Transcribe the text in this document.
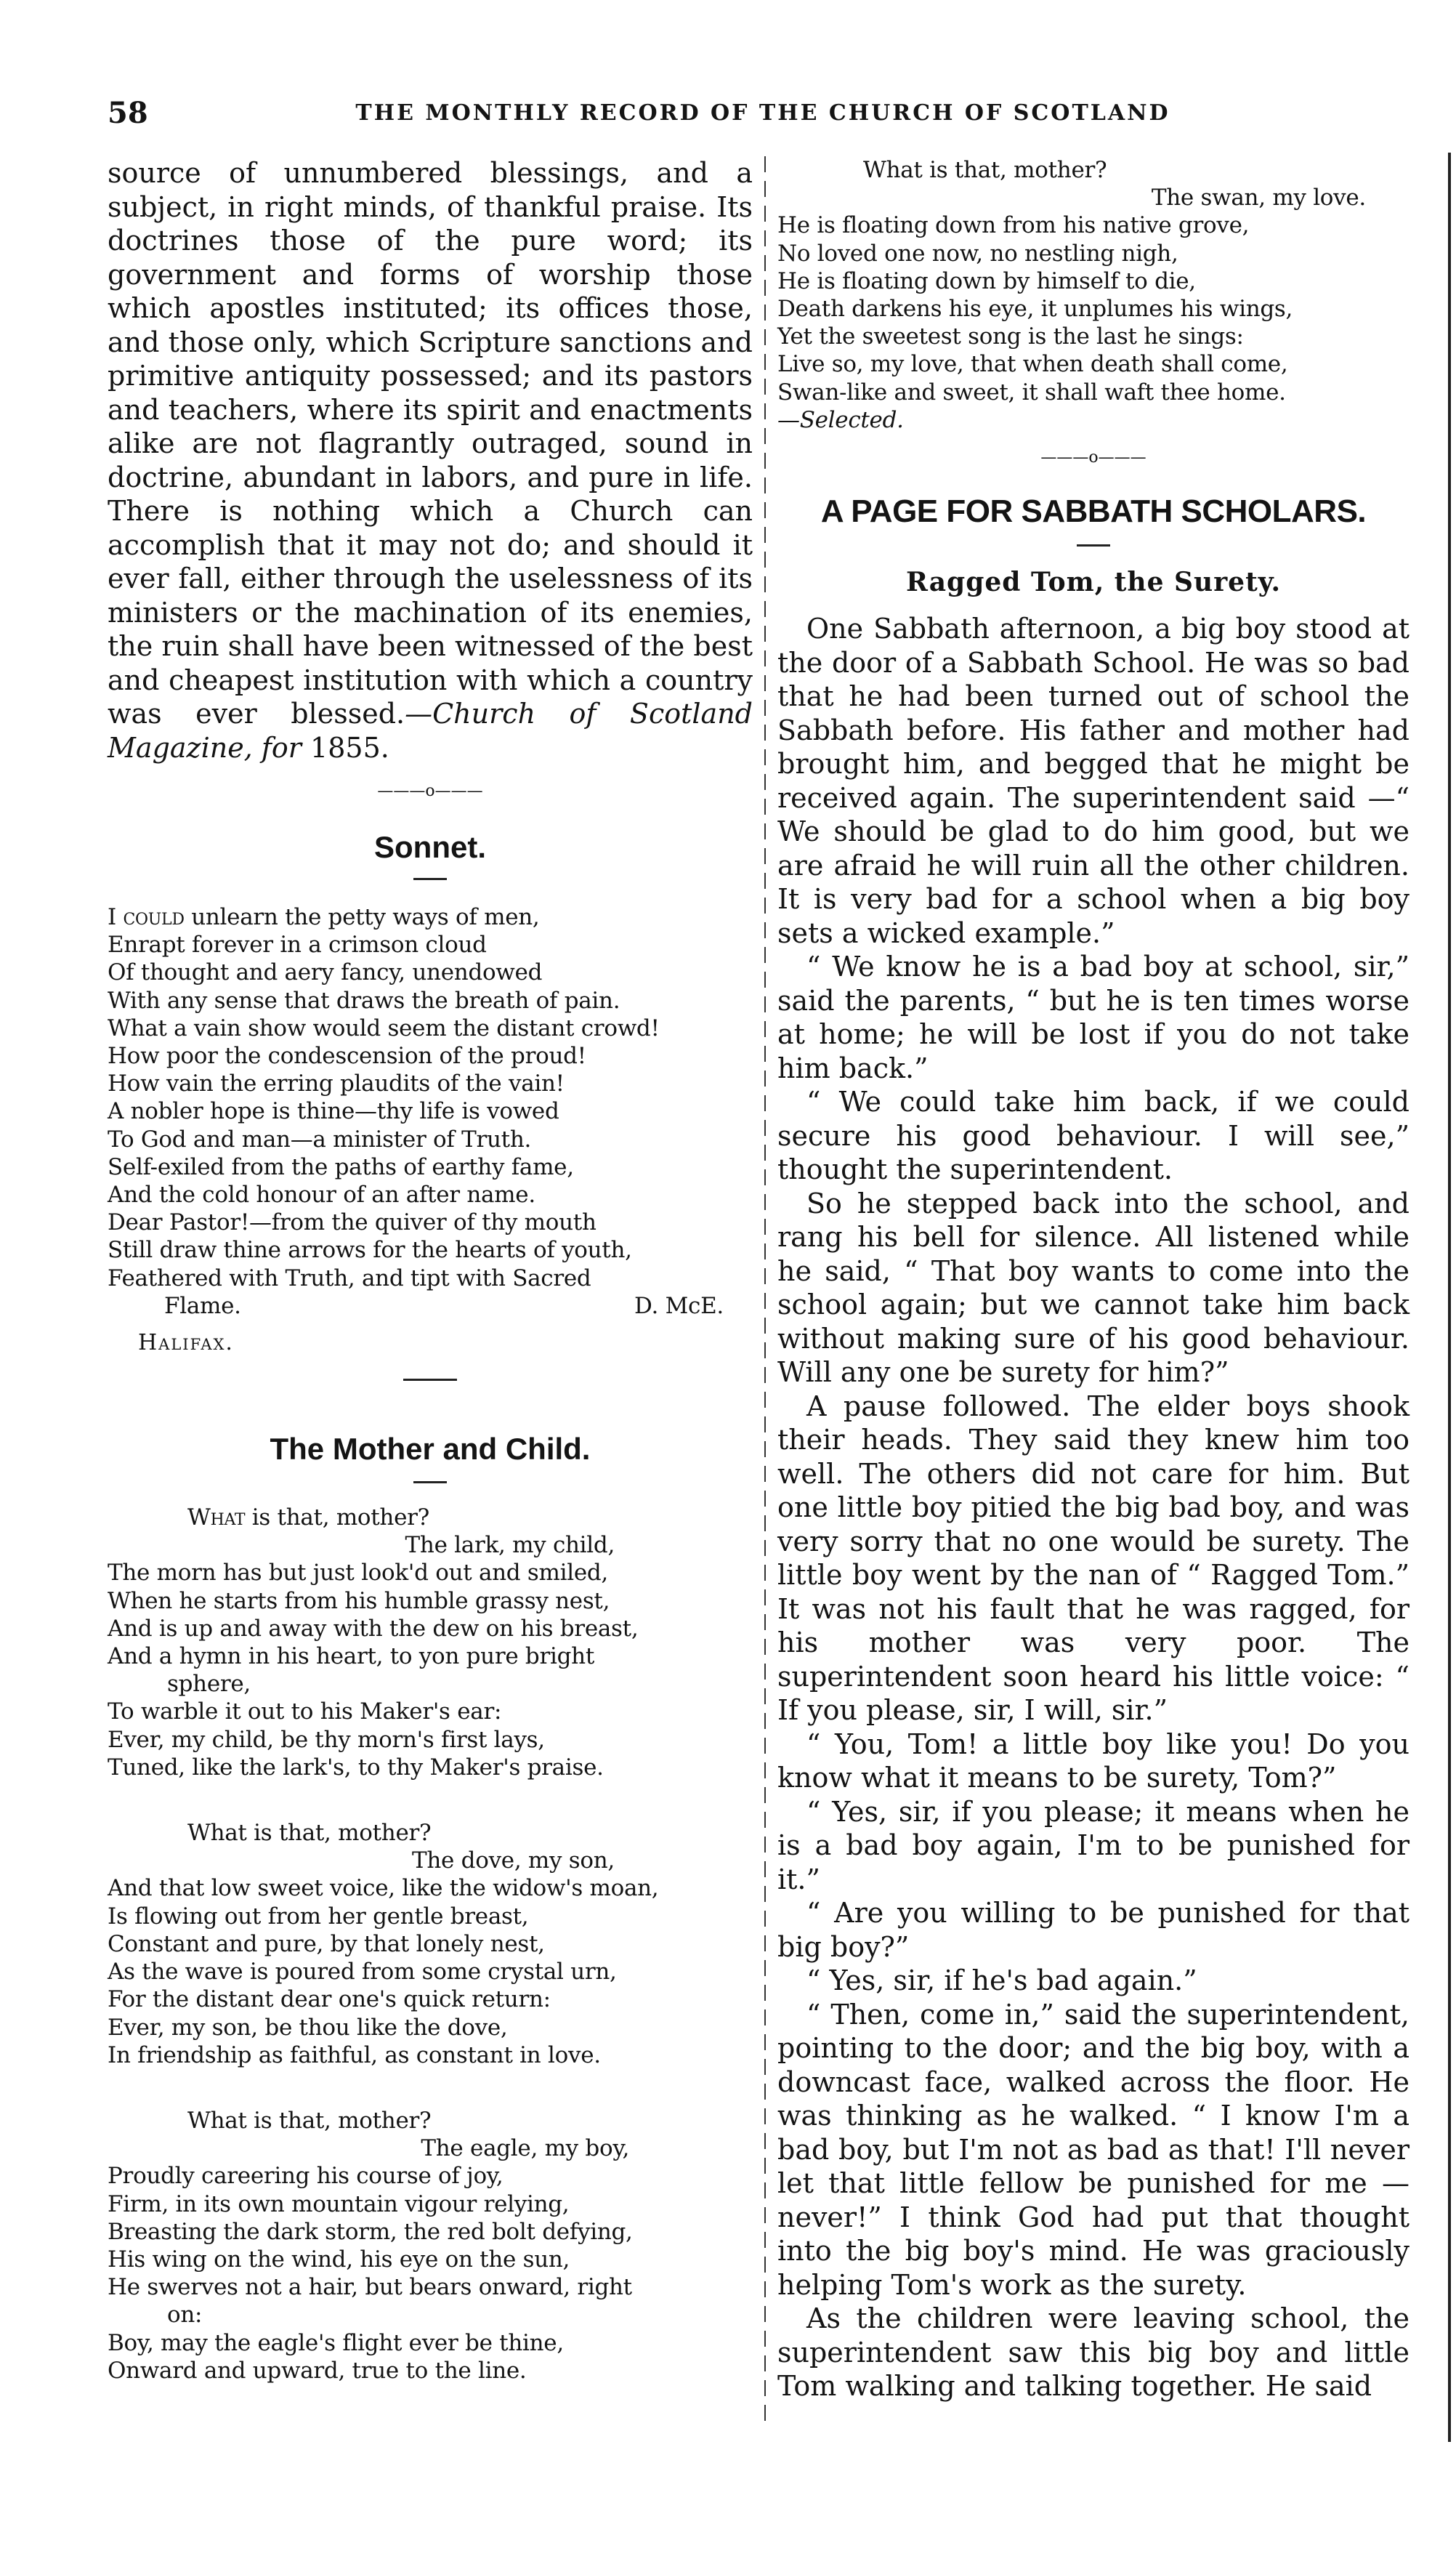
58	THE MONTHLY RECORD OF THE CHURCH OF SCOTLAND

source of unnumbered blessings, and a subject, in right minds, of thankful praise. Its doctrines those of the pure word; its government and forms of worship those which apostles instituted; its offices those, and those only, which Scripture sanctions and primitive antiquity possessed; and its pastors and teachers, where its spirit and enactments alike are not flagrantly outraged, sound in doctrine, abundant in labors, and pure in life. There is nothing which a Church can accomplish that it may not do; and should it ever fall, either through the uselessness of its ministers or the machination of its enemies, the ruin shall have been witnessed of the best and cheapest institution with which a country was ever blessed.—Church of Scotland Magazine, for 1855.

———o———

Sonnet.

I could unlearn the petty ways of men,

Enrapt forever in a crimson cloud

Of thought and aery fancy, unendowed

With any sense that draws the breath of pain.

What a vain show would seem the distant crowd!

How poor the condescension of the proud!

How vain the erring plaudits of the vain!

A nobler hope is thine—thy life is vowed

To God and man—a minister of Truth.

Self-exiled from the paths of earthy fame,

And the cold honour of an after name.

Dear Pastor!—from the quiver of thy mouth

Still draw thine arrows for the hearts of youth,

Feathered with Truth, and tipt with Sacred

Flame.	D. McE.

Halifax.

The Mother and Child.

What is that, mother?

The lark, my child,

The morn has but just look'd out and smiled,

When he starts from his humble grassy nest,

And is up and away with the dew on his breast,

And a hymn in his heart, to yon pure bright

sphere,

To warble it out to his Maker's ear:

Ever, my child, be thy morn's first lays,

Tuned, like the lark's, to thy Maker's praise.

What is that, mother?

The dove, my son,

And that low sweet voice, like the widow's moan,

Is flowing out from her gentle breast,

Constant and pure, by that lonely nest,

As the wave is poured from some crystal urn,

For the distant dear one's quick return:

Ever, my son, be thou like the dove,

In friendship as faithful, as constant in love.

What is that, mother?

The eagle, my boy,

Proudly careering his course of joy,

Firm, in its own mountain vigour relying,

Breasting the dark storm, the red bolt defying,

His wing on the wind, his eye on the sun,

He swerves not a hair, but bears onward, right

on:

Boy, may the eagle's flight ever be thine,

Onward and upward, true to the line.

What is that, mother?

The swan, my love.

He is floating down from his native grove,

No loved one now, no nestling nigh,

He is floating down by himself to die,

Death darkens his eye, it unplumes his wings,

Yet the sweetest song is the last he sings:

Live so, my love, that when death shall come,

Swan-like and sweet, it shall waft thee home.

—Selected.

———o———

A PAGE FOR SABBATH SCHOLARS.

Ragged Tom, the Surety.

One Sabbath afternoon, a big boy stood at the door of a Sabbath School. He was so bad that he had been turned out of school the Sabbath before. His father and mother had brought him, and begged that he might be received again. The superintendent said —“ We should be glad to do him good, but we are afraid he will ruin all the other children. It is very bad for a school when a big boy sets a wicked example.”

“ We know he is a bad boy at school, sir,” said the parents, “ but he is ten times worse at home; he will be lost if you do not take him back.”

“ We could take him back, if we could secure his good behaviour. I will see,” thought the superintendent.

So he stepped back into the school, and rang his bell for silence. All listened while he said, “ That boy wants to come into the school again; but we cannot take him back without making sure of his good behaviour. Will any one be surety for him?”

A pause followed. The elder boys shook their heads. They said they knew him too well. The others did not care for him. But one little boy pitied the big bad boy, and was very sorry that no one would be surety. The little boy went by the nan of “ Ragged Tom.” It was not his fault that he was ragged, for his mother was very poor. The superintendent soon heard his little voice: “ If you please, sir, I will, sir.”

“ You, Tom! a little boy like you! Do you know what it means to be surety, Tom?”

“ Yes, sir, if you please; it means when he is a bad boy again, I'm to be punished for it.”

“ Are you willing to be punished for that big boy?”

“ Yes, sir, if he's bad again.”

“ Then, come in,” said the superintendent, pointing to the door; and the big boy, with a downcast face, walked across the floor. He was thinking as he walked. “ I know I'm a bad boy, but I'm not as bad as that! I'll never let that little fellow be punished for me —never!” I think God had put that thought into the big boy's mind. He was graciously helping Tom's work as the surety.

As the children were leaving school, the superintendent saw this big boy and little Tom walking and talking together. He said
